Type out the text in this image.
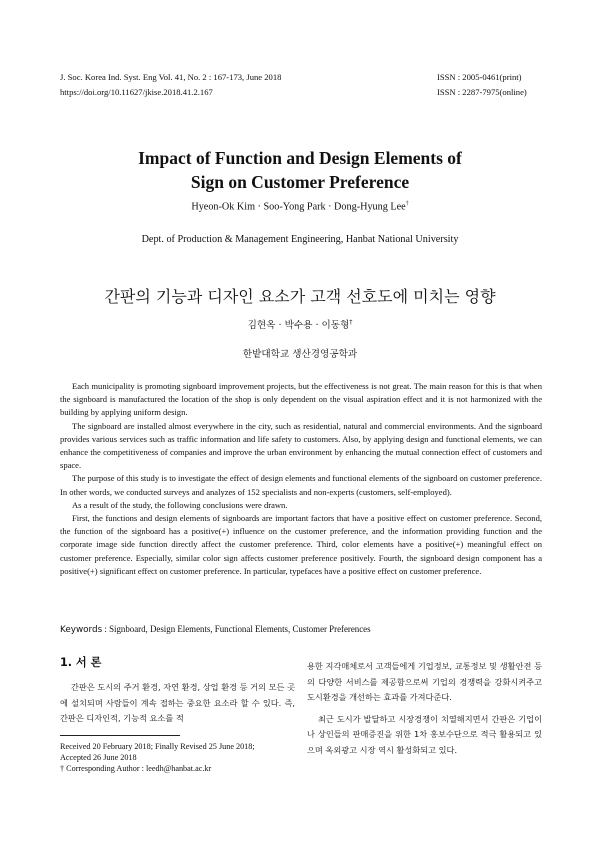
J. Soc. Korea Ind. Syst. Eng Vol. 41, No. 2 : 167-173, June 2018
https://doi.org/10.11627/jkise.2018.41.2.167
ISSN : 2005-0461(print)
ISSN : 2287-7975(online)
Impact of Function and Design Elements of
Sign on Customer Preference
Hyeon-Ok Kim · Soo-Yong Park · Dong-Hyung Lee†
Dept. of Production & Management Engineering, Hanbat National University
간판의 기능과 디자인 요소가 고객 선호도에 미치는 영향
김현옥 · 박수용 · 이동형†
한밭대학교 생산경영공학과

Each municipality is promoting signboard improvement projects, but the effectiveness is not great. The main reason for this is that when the signboard is manufactured the location of the shop is only dependent on the visual aspiration effect and it is not harmonized with the building by applying uniform design.

The signboard are installed almost everywhere in the city, such as residential, natural and commercial environments. And the signboard provides various services such as traffic information and life safety to customers. Also, by applying design and functional elements, we can enhance the competitiveness of companies and improve the urban environment by enhancing the mutual connection effect of customers and space.

The purpose of this study is to investigate the effect of design elements and functional elements of the signboard on customer preference. In other words, we conducted surveys and analyzes of 152 specialists and non-experts (customers, self-employed).

As a result of the study, the following conclusions were drawn.

First, the functions and design elements of signboards are important factors that have a positive effect on customer preference. Second, the function of the signboard has a positive(+) influence on the customer preference, and the information providing function and the corporate image side function directly affect the customer preference. Third, color elements have a positive(+) meaningful effect on customer preference. Especially, similar color sign affects customer preference positively. Fourth, the signboard design component has a positive(+) significant effect on customer preference. In particular, typefaces have a positive effect on customer preference.

Keywords : Signboard, Design Elements, Functional Elements, Customer Preferences
1. 서 론

간판은 도시의 주거 환경, 자연 환경, 상업 환경 등 거의 모든 곳에 설치되며 사람들이 계속 접하는 중요한 요소라 할 수 있다. 즉, 간판은 디자인적, 기능적 요소를 적

Received 20 February 2018; Finally Revised 25 June 2018;

Accepted 26 June 2018

† Corresponding Author : leedh@hanbat.ac.kr

용한 지각매체로서 고객들에게 기업정보, 교통정보 및 생활안전 등의 다양한 서비스를 제공함으로써 기업의 경쟁력을 강화시켜주고 도시환경을 개선하는 효과를 가져다준다.

최근 도시가 발달하고 시장경쟁이 치열해지면서 간판은 기업이나 상인들의 판매증진을 위한 1차 홍보수단으로 적극 활용되고 있으며 옥외광고 시장 역시 활성화되고 있다.
